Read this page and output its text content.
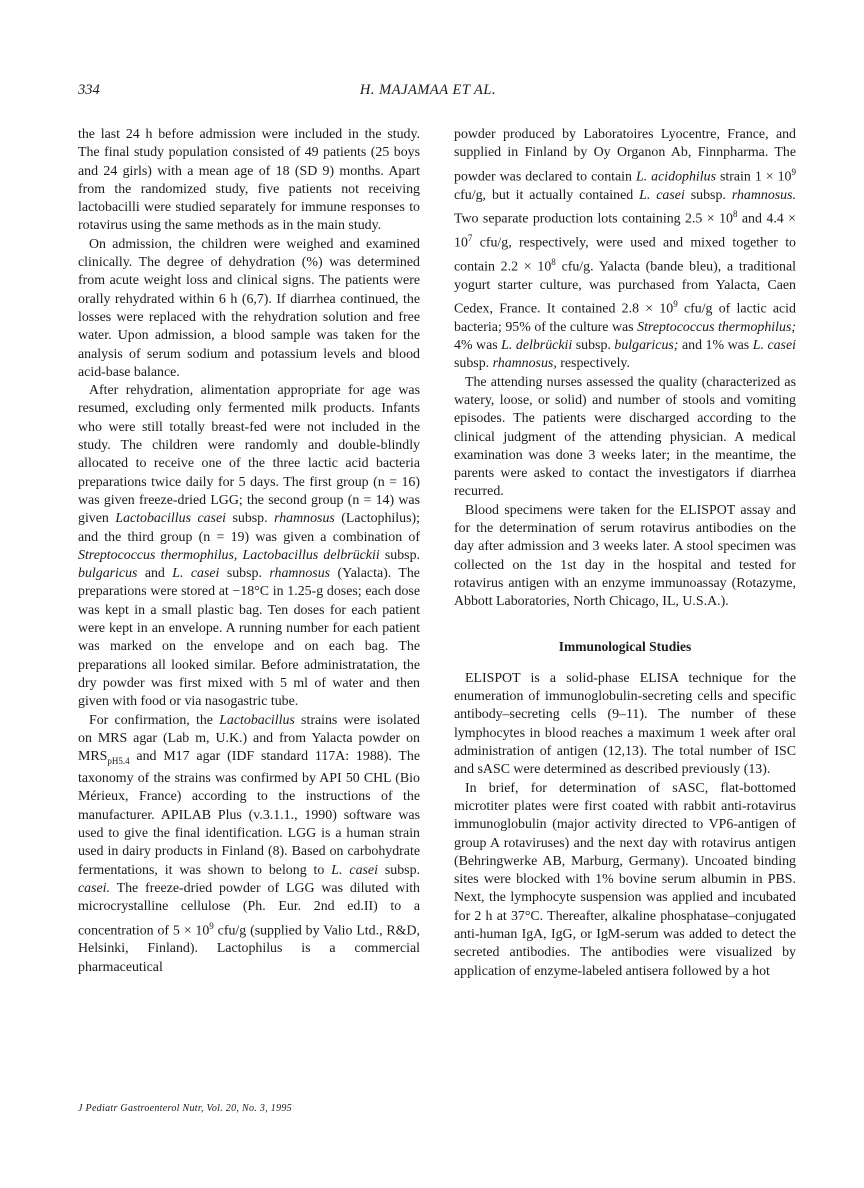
334	H. MAJAMAA ET AL.

the last 24 h before admission were included in the study. The final study population consisted of 49 patients (25 boys and 24 girls) with a mean age of 18 (SD 9) months. Apart from the randomized study, five patients not receiving lactobacilli were studied separately for immune responses to rotavirus using the same methods as in the main study.

On admission, the children were weighed and examined clinically. The degree of dehydration (%) was determined from acute weight loss and clinical signs. The patients were orally rehydrated within 6 h (6,7). If diarrhea continued, the losses were replaced with the rehydration solution and free water. Upon admission, a blood sample was taken for the analysis of serum sodium and potassium levels and blood acid-base balance.

After rehydration, alimentation appropriate for age was resumed, excluding only fermented milk products. Infants who were still totally breast-fed were not included in the study. The children were randomly and double-blindly allocated to receive one of the three lactic acid bacteria preparations twice daily for 5 days. The first group (n = 16) was given freeze-dried LGG; the second group (n = 14) was given Lactobacillus casei subsp. rhamnosus (Lactophilus); and the third group (n = 19) was given a combination of Streptococcus thermophilus, Lactobacillus delbrückii subsp. bulgaricus and L. casei subsp. rhamnosus (Yalacta). The preparations were stored at −18°C in 1.25-g doses; each dose was kept in a small plastic bag. Ten doses for each patient were kept in an envelope. A running number for each patient was marked on the envelope and on each bag. The preparations all looked similar. Before administratation, the dry powder was first mixed with 5 ml of water and then given with food or via nasogastric tube.

For confirmation, the Lactobacillus strains were isolated on MRS agar (Lab m, U.K.) and from Yalacta powder on $MRS_{pH5.4}$ and M17 agar (IDF standard 117A: 1988). The taxonomy of the strains was confirmed by API 50 CHL (Bio Mérieux, France) according to the instructions of the manufacturer. APILAB Plus (v.3.1.1., 1990) software was used to give the final identification. LGG is a human strain used in dairy products in Finland (8). Based on carbohydrate fermentations, it was shown to belong to L. casei subsp. casei. The freeze-dried powder of LGG was diluted with microcrystalline cellulose (Ph. Eur. 2nd ed.II) to a concentration of $5 \times 10^9$ cfu/g (supplied by Valio Ltd., R&D, Helsinki, Finland). Lactophilus is a commercial pharmaceutical

powder produced by Laboratoires Lyocentre, France, and supplied in Finland by Oy Organon Ab, Finnpharma. The powder was declared to contain L. acidophilus strain $1 \times 10^9$ cfu/g, but it actually contained L. casei subsp. rhamnosus. Two separate production lots containing $2.5 \times 10^8$ and $4.4 \times 10^7$ cfu/g, respectively, were used and mixed together to contain $2.2 \times 10^8$ cfu/g. Yalacta (bande bleu), a traditional yogurt starter culture, was purchased from Yalacta, Caen Cedex, France. It contained $2.8 \times 10^9$ cfu/g of lactic acid bacteria; 95% of the culture was Streptococcus thermophilus; 4% was L. delbrückii subsp. bulgaricus; and 1% was L. casei subsp. rhamnosus, respectively.

The attending nurses assessed the quality (characterized as watery, loose, or solid) and number of stools and vomiting episodes. The patients were discharged according to the clinical judgment of the attending physician. A medical examination was done 3 weeks later; in the meantime, the parents were asked to contact the investigators if diarrhea recurred.

Blood specimens were taken for the ELISPOT assay and for the determination of serum rotavirus antibodies on the day after admission and 3 weeks later. A stool specimen was collected on the 1st day in the hospital and tested for rotavirus antigen with an enzyme immunoassay (Rotazyme, Abbott Laboratories, North Chicago, IL, U.S.A.).

Immunological Studies

ELISPOT is a solid-phase ELISA technique for the enumeration of immunoglobulin-secreting cells and specific antibody–secreting cells (9–11). The number of these lymphocytes in blood reaches a maximum 1 week after oral administration of antigen (12,13). The total number of ISC and sASC were determined as described previously (13).

In brief, for determination of sASC, flat-bottomed microtiter plates were first coated with rabbit anti-rotavirus immunoglobulin (major activity directed to VP6-antigen of group A rotaviruses) and the next day with rotavirus antigen (Behringwerke AB, Marburg, Germany). Uncoated binding sites were blocked with 1% bovine serum albumin in PBS. Next, the lymphocyte suspension was applied and incubated for 2 h at 37°C. Thereafter, alkaline phosphatase–conjugated anti-human IgA, IgG, or IgM-serum was added to detect the secreted antibodies. The antibodies were visualized by application of enzyme-labeled antisera followed by a hot

J Pediatr Gastroenterol Nutr, Vol. 20, No. 3, 1995
